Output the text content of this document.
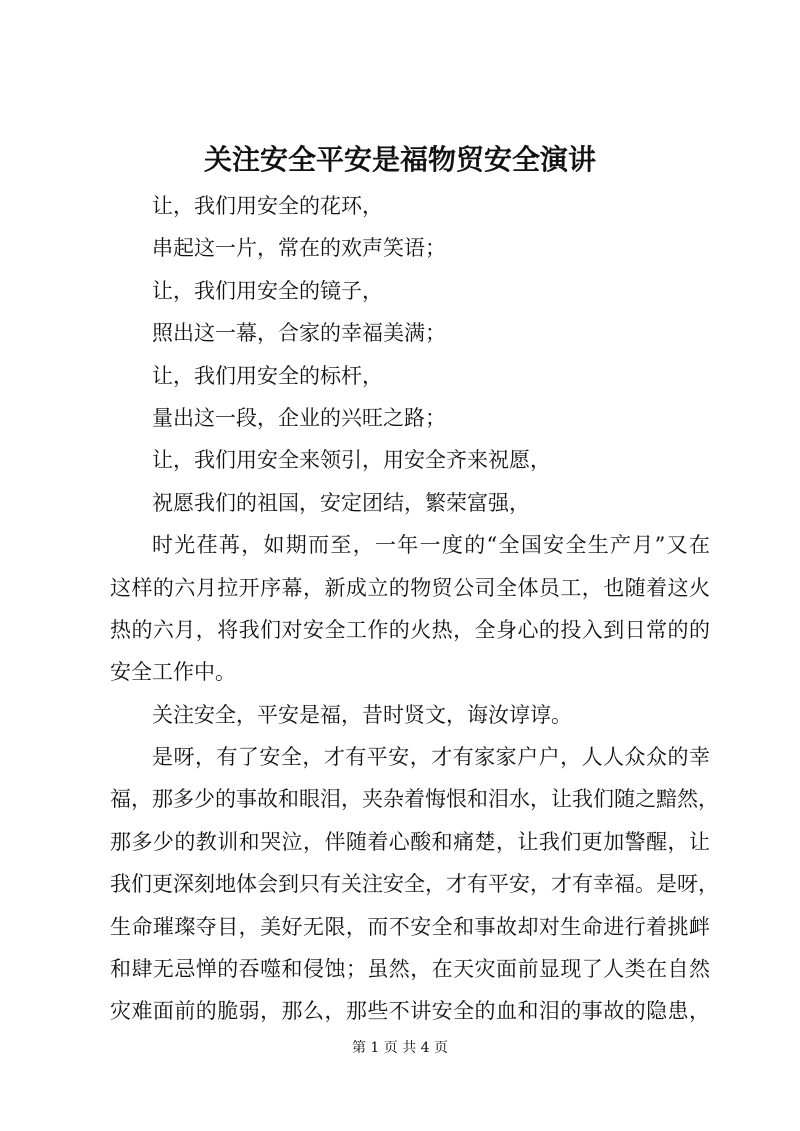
关注安全平安是福物贸安全演讲
让，我们用安全的花环，
串起这一片，常在的欢声笑语；
让，我们用安全的镜子，
照出这一幕，合家的幸福美满；
让，我们用安全的标杆，
量出这一段，企业的兴旺之路；
让，我们用安全来领引，用安全齐来祝愿，
祝愿我们的祖国，安定团结，繁荣富强，
时光荏苒，如期而至，一年一度的“全国安全生产月”又在
这样的六月拉开序幕，新成立的物贸公司全体员工，也随着这火
热的六月，将我们对安全工作的火热，全身心的投入到日常的的
安全工作中。
关注安全，平安是福，昔时贤文，诲汝谆谆。
是呀，有了安全，才有平安，才有家家户户，人人众众的幸
福，那多少的事故和眼泪，夹杂着悔恨和泪水，让我们随之黯然，
那多少的教训和哭泣，伴随着心酸和痛楚，让我们更加警醒，让
我们更深刻地体会到只有关注安全，才有平安，才有幸福。是呀，
生命璀璨夺目，美好无限，而不安全和事故却对生命进行着挑衅
和肆无忌惮的吞噬和侵蚀；虽然，在天灾面前显现了人类在自然
灾难面前的脆弱，那么，那些不讲安全的血和泪的事故的隐患，
第 1 页 共 4 页
